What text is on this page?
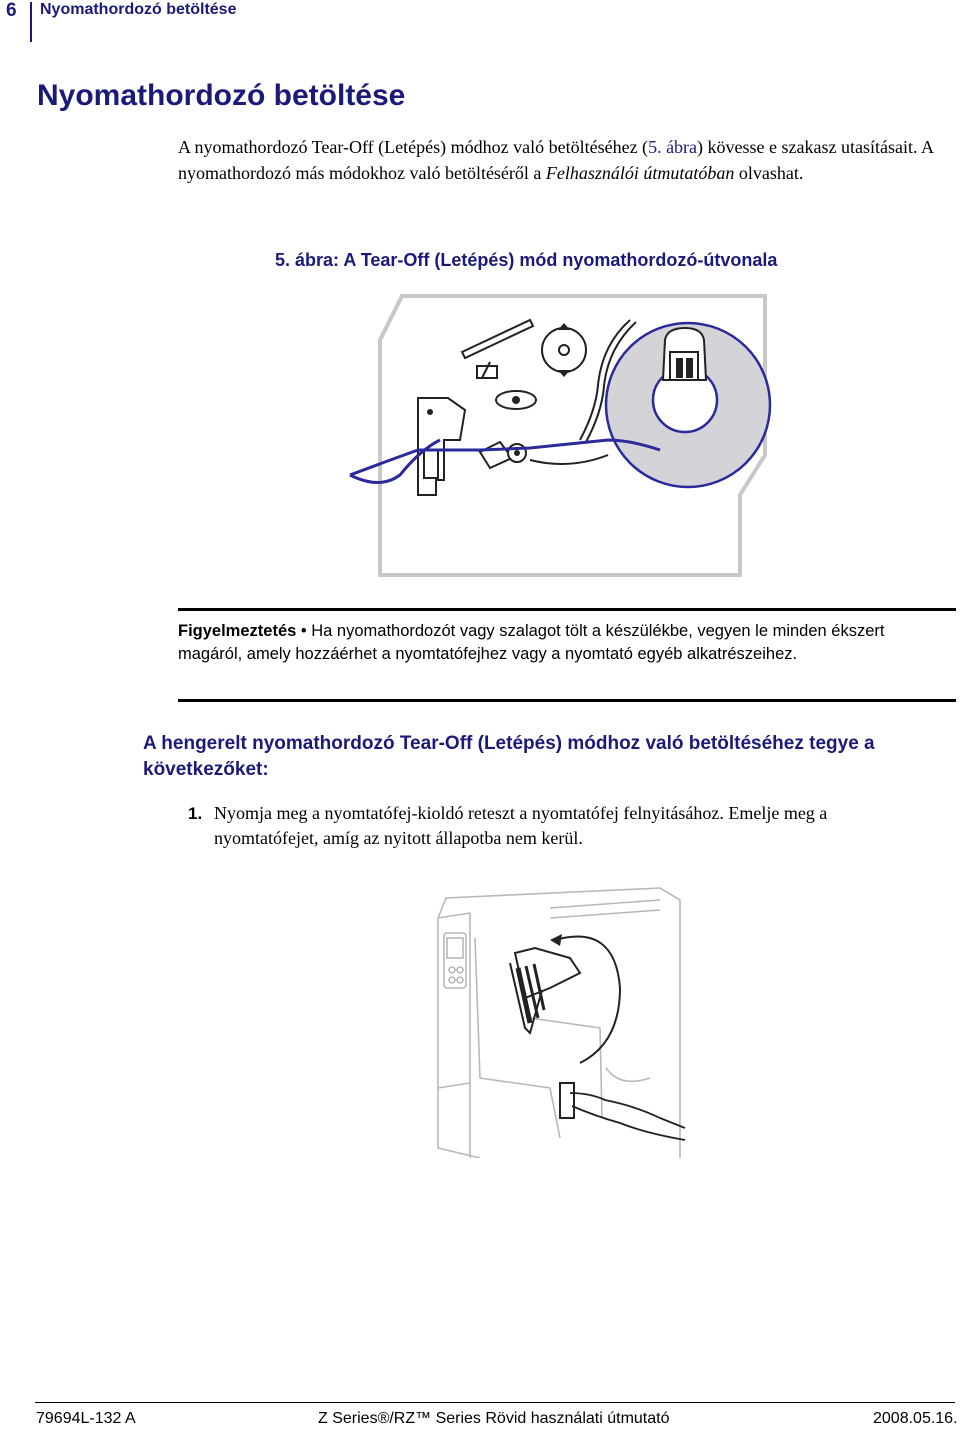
6 Nyomathordozó betöltése
Nyomathordozó betöltése
A nyomathordozó Tear-Off (Letépés) módhoz való betöltéséhez (5. ábra) kövesse e szakasz utasításait. A nyomathordozó más módokhoz való betöltéséről a Felhasználói útmutatóban olvashat.
5. ábra: A Tear-Off (Letépés) mód nyomathordozó-útvonala
Figyelmeztetés • Ha nyomathordozót vagy szalagot tölt a készülékbe, vegyen le minden ékszert magáról, amely hozzáérhet a nyomtatófejhez vagy a nyomtató egyéb alkatrészeihez.
A hengerelt nyomathordozó Tear-Off (Letépés) módhoz való betöltéséhez tegye a következőket:
1. Nyomja meg a nyomtatófej-kioldó reteszt a nyomtatófej felnyitásához. Emelje meg a nyomtatófejet, amíg az nyitott állapotba nem kerül.
79694L-132 A	Z Series®/RZ™ Series Rövid használati útmutató	2008.05.16.
